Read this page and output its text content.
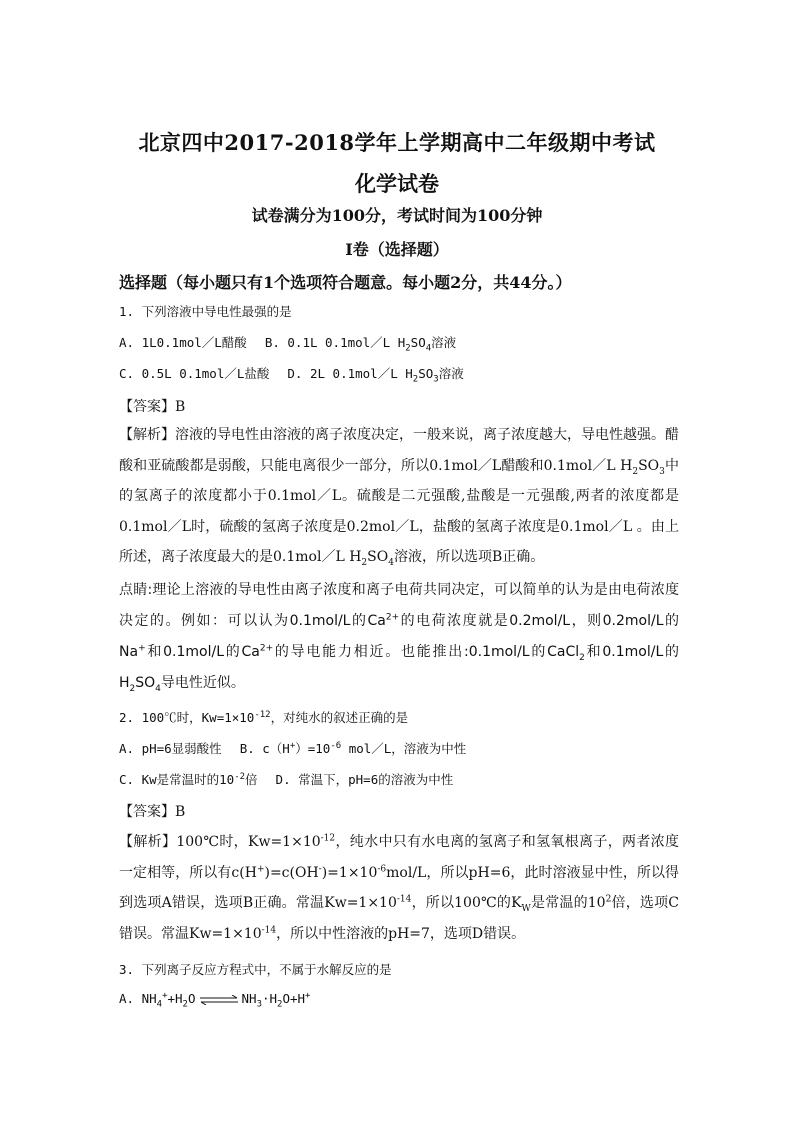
北京四中2017-2018学年上学期高中二年级期中考试
化学试卷
试卷满分为100分，考试时间为100分钟
I卷（选择题）
选择题（每小题只有1个选项符合题意。每小题2分，共44分。）
1. 下列溶液中导电性最强的是
A. 1L0.1mol／L醋酸 B. 0.1L 0.1mol／L $H_2SO_4$溶液
C. 0.5L 0.1mol／L盐酸 D. 2L 0.1mol／L $H_2SO_3$溶液
【答案】B
【解析】溶液的导电性由溶液的离子浓度决定，一般来说，离子浓度越大，导电性越强。醋酸和亚硫酸都是弱酸，只能电离很少一部分，所以0.1mol／L醋酸和0.1mol／L $H_2SO_3$中的氢离子的浓度都小于0.1mol／L。硫酸是二元强酸,盐酸是一元强酸,两者的浓度都是0.1mol／L时，硫酸的氢离子浓度是0.2mol／L，盐酸的氢离子浓度是0.1mol／L 。由上所述，离子浓度最大的是0.1mol／L $H_2SO_4$溶液，所以选项B正确。
点睛:理论上溶液的导电性由离子浓度和离子电荷共同决定，可以简单的认为是由电荷浓度决定的。例如：可以认为0.1mol/L的$Ca^{2+}$的电荷浓度就是0.2mol/L，则0.2mol/L的Na+和0.1mol/L的$Ca^{2+}$的导电能力相近。也能推出:0.1mol/L的CaCl$_2$和0.1mol/L的$H_2SO_4$导电性近似。
2. 100℃时，$Kw=1\times 10^{-12}$，对纯水的叙述正确的是
A. pH=6显弱酸性 B. $c(H^+)=10^{-6}$ mol／L，溶液为中性
C. Kw是常温时的$10^{-2}$倍 D. 常温下，pH=6的溶液为中性
【答案】B
【解析】100℃时，$Kw=1\times 10^{-12}$，纯水中只有水电离的氢离子和氢氧根离子，两者浓度一定相等，所以有$c(H^+)=c(OH^-)=1\times 10^{-6}mol/L$，所以pH=6，此时溶液显中性，所以得到选项A错误，选项B正确。常温$Kw=1\times 10^{-14}$，所以100℃的$K_W$是常温的$10^2$倍，选项C错误。常温$Kw=1\times 10^{-14}$，所以中性溶液的pH=7，选项D错误。
3. 下列离子反应方程式中，不属于水解反应的是
A. $NH_4^++H_2O$ ⇌ $NH_3\cdot H_2O+H^+$
